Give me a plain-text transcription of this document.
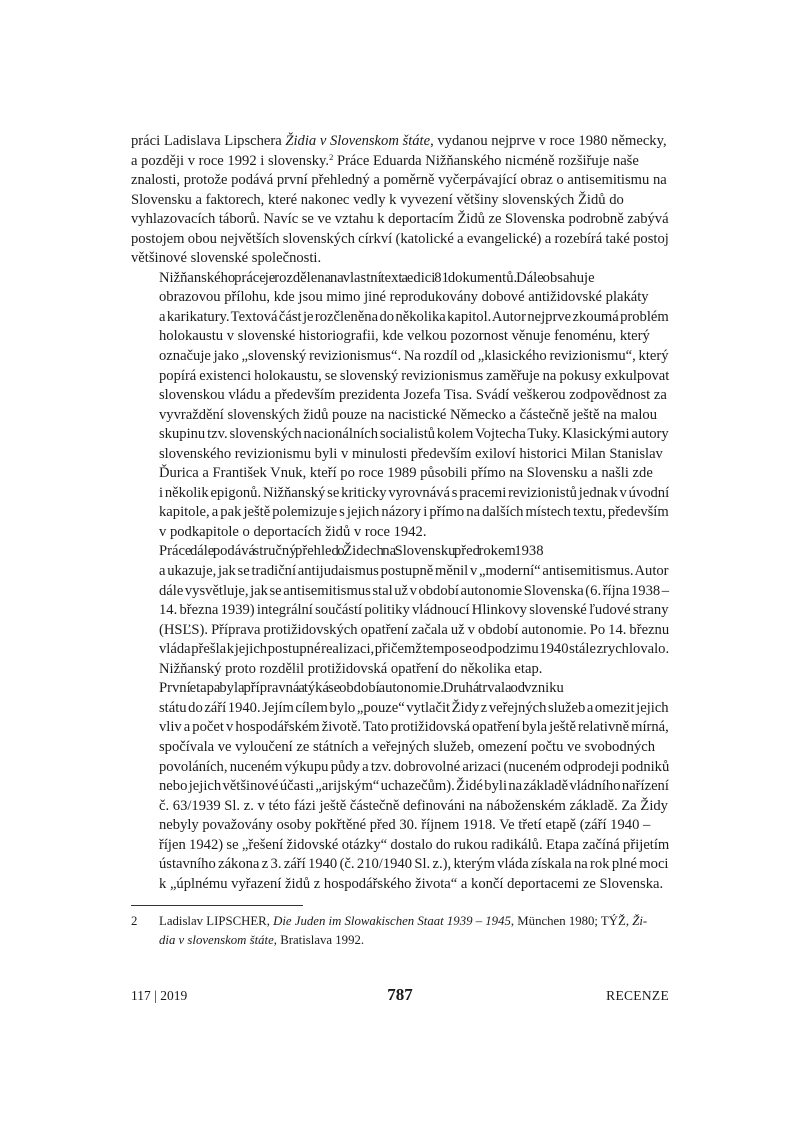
práci Ladislava Lipschera Židia v Slovenskom štáte, vydanou nejprve v roce 1980 německy,
a později v roce 1992 i slovensky.$^2$ Práce Eduarda Nižňanského nicméně rozšiřuje naše
znalosti, protože podává první přehledný a poměrně vyčerpávající obraz o antisemitismu na
Slovensku a faktorech, které nakonec vedly k vyvezení většiny slovenských Židů do
vyhlazovacích táborů. Navíc se ve vztahu k deportacím Židů ze Slovenska podrobně zabývá
postojem obou největších slovenských církví (katolické a evangelické) a rozebírá také postoj
většinové slovenské společnosti.
Nižňanského práce je rozdělena na vlastní text a edici 81 dokumentů. Dále obsahuje
obrazovou přílohu, kde jsou mimo jiné reprodukovány dobové antižidovské plakáty
a karikatury. Textová část je rozčleněna do několika kapitol. Autor nejprve zkoumá problém
holokaustu v slovenské historiografii, kde velkou pozornost věnuje fenoménu, který
označuje jako „slovenský revizionismus“. Na rozdíl od „klasického revizionismu“, který
popírá existenci holokaustu, se slovenský revizionismus zaměřuje na pokusy exkulpovat
slovenskou vládu a především prezidenta Jozefa Tisa. Svádí veškerou zodpovědnost za
vyvraždění slovenských židů pouze na nacistické Německo a částečně ještě na malou
skupinu tzv. slovenských nacionálních socialistů kolem Vojtecha Tuky. Klasickými autory
slovenského revizionismu byli v minulosti především exiloví historici Milan Stanislav
Ďurica a František Vnuk, kteří po roce 1989 působili přímo na Slovensku a našli zde
i několik epigonů. Nižňanský se kriticky vyrovnává s pracemi revizionistů jednak v úvodní
kapitole, a pak ještě polemizuje s jejich názory i přímo na dalších místech textu, především
v podkapitole o deportacích židů v roce 1942.
Práce dále podává stručný přehled o Židech na Slovensku před rokem 1938
a ukazuje, jak se tradiční antijudaismus postupně měnil v „moderní“ antisemitismus. Autor
dále vysvětluje, jak se antisemitismus stal už v období autonomie Slovenska (6. října 1938 –
14. března 1939) integrální součástí politiky vládnoucí Hlinkovy slovenské ľudové strany
(HSĽS). Příprava protižidovských opatření začala už v období autonomie. Po 14. březnu
vláda přešla k jejich postupné realizaci, přičemž tempo se od podzimu 1940 stále zrychlovalo.
Nižňanský proto rozdělil protižidovská opatření do několika etap.
První etapa byla přípravná a týká se období autonomie. Druhá trvala od vzniku
státu do září 1940. Jejím cílem bylo „pouze“ vytlačit Židy z veřejných služeb a omezit jejich
vliv a počet v hospodářském životě. Tato protižidovská opatření byla ještě relativně mírná,
spočívala ve vyloučení ze státních a veřejných služeb, omezení počtu ve svobodných
povoláních, nuceném výkupu půdy a tzv. dobrovolné arizaci (nuceném odprodeji podniků
nebo jejich většinové účasti „arijským“ uchazečům). Židé byli na základě vládního nařízení
č. 63/1939 Sl. z. v této fázi ještě částečně definováni na náboženském základě. Za Židy
nebyly považovány osoby pokřtěné před 30. říjnem 1918. Ve třetí etapě (září 1940 –
říjen 1942) se „řešení židovské otázky“ dostalo do rukou radikálů. Etapa začíná přijetím
ústavního zákona z 3. září 1940 (č. 210/1940 Sl. z.), kterým vláda získala na rok plné moci
k „úplnému vyřazení židů z hospodářského života“ a končí deportacemi ze Slovenska.
2 Ladislav LIPSCHER, Die Juden im Slowakischen Staat 1939 – 1945, München 1980; TÝŽ, Ži-
dia v slovenskom štáte, Bratislava 1992.
117 | 2019	787	RECENZE
